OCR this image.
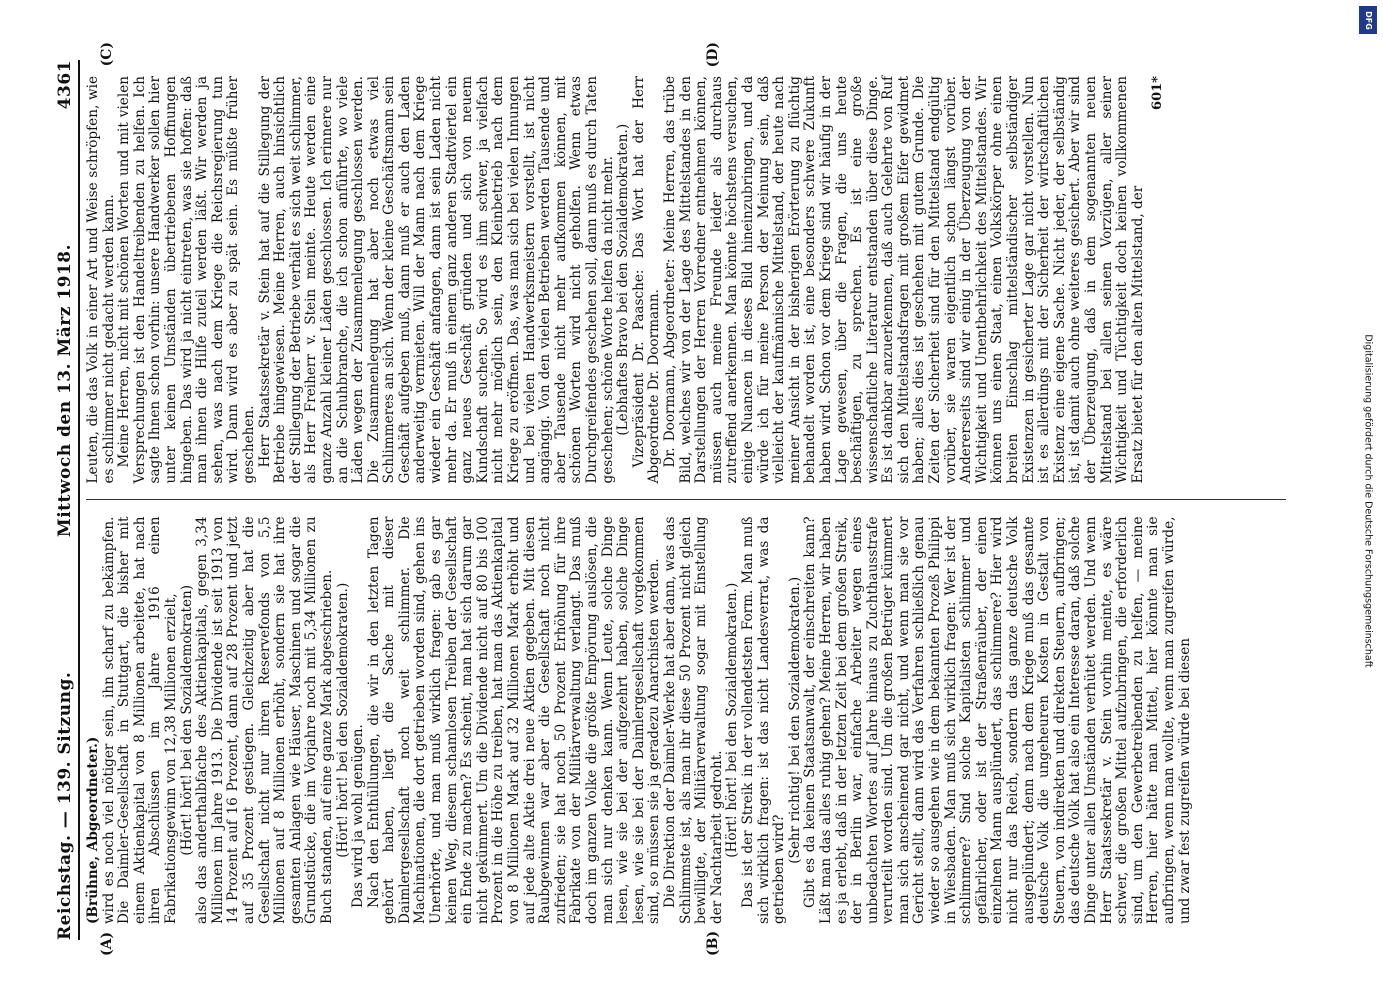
DFG
Digitalisierung gefördert durch die Deutsche Forschungsgemeinschaft
Reichstag. — 139. Sitzung.
Mittwoch den 13. März 1918.
4361
(A)	(B)

(Brühne, Abgeordneter.) wird es noch viel nötiger sein, ihn scharf zu bekämpfen. Die Daimler-Gesellschaft in Stuttgart, die bisher mit einem Aktienkapital von 8 Millionen arbeitete, hat nach ihren Abschlüssen im Jahre 1916 einen Fabrikationsgewinn von 12,38 Millionen erzielt, (Hört! hört! bei den Sozialdemokraten) also das anderthalbfache des Aktienkapitals, gegen 3,34 Millionen im Jahre 1913. Die Dividende ist seit 1913 von 14 Prozent auf 16 Prozent, dann auf 28 Prozent und jetzt auf 35 Prozent gestiegen. Gleichzeitig aber hat die Gesellschaft nicht nur ihren Reservefonds von 5,5 Millionen auf 8 Millionen erhöht, sondern sie hat ihre gesamten Anlagen wie Häuser, Maschinen und sogar die Grundstücke, die im Vorjahre noch mit 5,34 Millionen zu Buch standen, auf eine ganze Mark abgeschrieben. (Hört! hört! bei den Sozialdemokraten.) Das wird ja wohl genügen. Nach den Enthüllungen, die wir in den letzten Tagen gehört haben, liegt die Sache mit dieser Daimlergesellschaft noch weit schlimmer. Die Machinationen, die dort getrieben worden sind, gehen ins Unerhörte, und man muß wirklich fragen: gab es gar keinen Weg, diesem schamlosen Treiben der Gesellschaft ein Ende zu machen? Es scheint, man hat sich darum gar nicht gekümmert. Um die Dividende nicht auf 80 bis 100 Prozent in die Höhe zu treiben, hat man das Aktienkapital von 8 Millionen Mark auf 32 Millionen Mark erhöht und auf jede alte Aktie drei neue Aktien gegeben. Mit diesen Raubgewinnen war aber die Gesellschaft noch nicht zufrieden; sie hat noch 50 Prozent Erhöhung für ihre Fabrikate von der Militärverwaltung verlangt. Das muß doch im ganzen Volke die größte Empörung auslösen, die man sich nur denken kann. Wenn Leute, solche Dinge lesen, wie sie bei der aufgezehrt haben, solche Dinge lesen, wie sie bei der Daimlergesellschaft vorgekommen sind, so müssen sie ja geradezu Anarchisten werden. Die Direktion der Daimler-Werke hat aber dann, was das Schlimmste ist, als man ihr diese 50 Prozent nicht gleich bewilligte, der Militärverwaltung sogar mit Einstellung der Nachtarbeit gedroht. (Hört! hört! bei den Sozialdemokraten.) Das ist der Streik in der vollendetsten Form. Man muß sich wirklich fragen: ist das nicht Landesverrat, was da getrieben wird?

(Sehr richtig! bei den Sozialdemokraten.) Gibt es da keinen Staatsanwalt, der einschreiten kann? Läßt man das alles ruhig gehen? Meine Herren, wir haben es ja erlebt, daß in der letzten Zeit bei dem großen Streik, der in Berlin war, einfache Arbeiter wegen eines unbedachten Wortes auf Jahre hinaus zu Zuchthausstrafe verurteilt worden sind. Um die großen Betrüger kümmert man sich anscheinend gar nicht, und wenn man sie vor Gericht stellt, dann wird das Verfahren schließlich genau wieder so ausgehen wie in dem bekannten Prozeß Philippi in Wiesbaden. Man muß sich wirklich fragen: Wer ist der schlimmere? Sind solche Kapitalisten schlimmer und gefährlicher, oder ist der Straßenräuber, der einen einzelnen Mann ausplündert, das schlimmere? Hier wird nicht nur das Reich, sondern das ganze deutsche Volk ausgeplündert; denn nach dem Kriege muß das gesamte deutsche Volk die ungeheuren Kosten in Gestalt von Steuern, von indirekten und direkten Steuern, aufbringen; das deutsche Volk hat also ein Interesse daran, daß solche Dinge unter allen Umständen verhütet werden. Und wenn Herr Staatssekretär v. Stein vorhin meinte, es wäre schwer, die großen Mittel aufzubringen, die erforderlich sind, um den Gewerbetreibenden zu helfen, — meine Herren, hier hätte man Mittel, hier könnte man sie aufbringen, wenn man wollte, wenn man zugreifen würde, und zwar fest zugreifen würde bei diesen

(C)	(D)

Leuten, die das Volk in einer Art und Weise schröpfen, wie es schlimmer nicht gedacht werden kann. Meine Herren, nicht mit schönen Worten und mit vielen Versprechungen ist den Handeltreibenden zu helfen. Ich sagte Ihnen schon vorhin: unsere Handwerker sollen hier unter keinen Umständen übertriebenen Hoffnungen hingeben. Das wird ja nicht eintreten, was sie hoffen: daß man ihnen die Hilfe zuteil werden läßt. Wir werden ja sehen, was nach dem Kriege die Reichsregierung tun wird. Dann wird es aber zu spät sein. Es müßte früher geschehen. Herr Staatssekretär v. Stein hat auf die Stillegung der Betriebe hingewiesen. Meine Herren, auch hinsichtlich der Stillegung der Betriebe verhält es sich weit schlimmer, als Herr Freiherr v. Stein meinte. Heute werden eine ganze Anzahl kleiner Läden geschlossen. Ich erinnere nur an die Schuhbranche, die ich schon anführte, wo viele Läden wegen der Zusammenlegung geschlossen werden. Die Zusammenlegung hat aber noch etwas viel Schlimmeres an sich. Wenn der kleine Geschäftsmann sein Geschäft aufgeben muß, dann muß er auch den Laden anderweitig vermieten. Will der Mann nach dem Kriege wieder ein Geschäft anfangen, dann ist sein Laden nicht mehr da. Er muß in einem ganz anderen Stadtviertel ein ganz neues Geschäft gründen und sich von neuem Kundschaft suchen. So wird es ihm schwer, ja vielfach nicht mehr möglich sein, den Kleinbetrieb nach dem Kriege zu eröffnen. Das, was man sich bei vielen Innungen und bei vielen Handwerksmeistern vorstellt, ist nicht angängig. Von den vielen Betrieben werden Tausende und aber Tausende nicht mehr aufkommen können, mit schönen Worten wird nicht geholfen. Wenn etwas Durchgreifendes geschehen soll, dann muß es durch Taten geschehen; schöne Worte helfen da nicht mehr. (Lebhaftes Bravo bei den Sozialdemokraten.) Vizepräsident Dr. Paasche: Das Wort hat der Herr Abgeordnete Dr. Doormann. Dr. Doormann, Abgeordneter: Meine Herren, das trübe Bild, welches wir von der Lage des Mittelstandes in den Darstellungen der Herren Vorredner entnehmen können, müssen auch meine Freunde leider als durchaus zutreffend anerkennen. Man könnte höchstens versuchen, einige Nuancen in dieses Bild hineinzubringen, und da würde ich für meine Person der Meinung sein, daß vielleicht der kaufmännische Mittelstand, der heute nach meiner Ansicht in der bisherigen Erörterung zu flüchtig behandelt worden ist, eine besonders schwere Zukunft haben wird. Schon vor dem Kriege sind wir häufig in der Lage gewesen, über die Fragen, die uns heute beschäftigen, zu sprechen. Es ist eine große wissenschaftliche Literatur entstanden über diese Dinge. Es ist dankbar anzuerkennen, daß auch Gelehrte von Ruf sich den Mittelstandsfragen mit großem Eifer gewidmet haben; alles dies ist geschehen mit gutem Grunde. Die Zeiten der Sicherheit sind für den Mittelstand endgültig vorüber, sie waren eigentlich schon längst vorüber. Andererseits sind wir einig in der Überzeugung von der Wichtigkeit und Unentbehrlichkeit des Mittelstandes. Wir können uns einen Staat, einen Volkskörper ohne einen breiten Einschlag mittelständischer selbständiger Existenzen in gesicherter Lage gar nicht vorstellen. Nun ist es allerdings mit der Sicherheit der wirtschaftlichen Existenz eine eigene Sache. Nicht jeder, der selbständig ist, ist damit auch ohne weiteres gesichert. Aber wir sind der Überzeugung, daß in dem sogenannten neuen Mittelstand bei allen seinen Vorzügen, aller seiner Wichtigkeit und Tüchtigkeit doch keinen vollkommenen Ersatz bietet für den alten Mittelstand, der

601*
